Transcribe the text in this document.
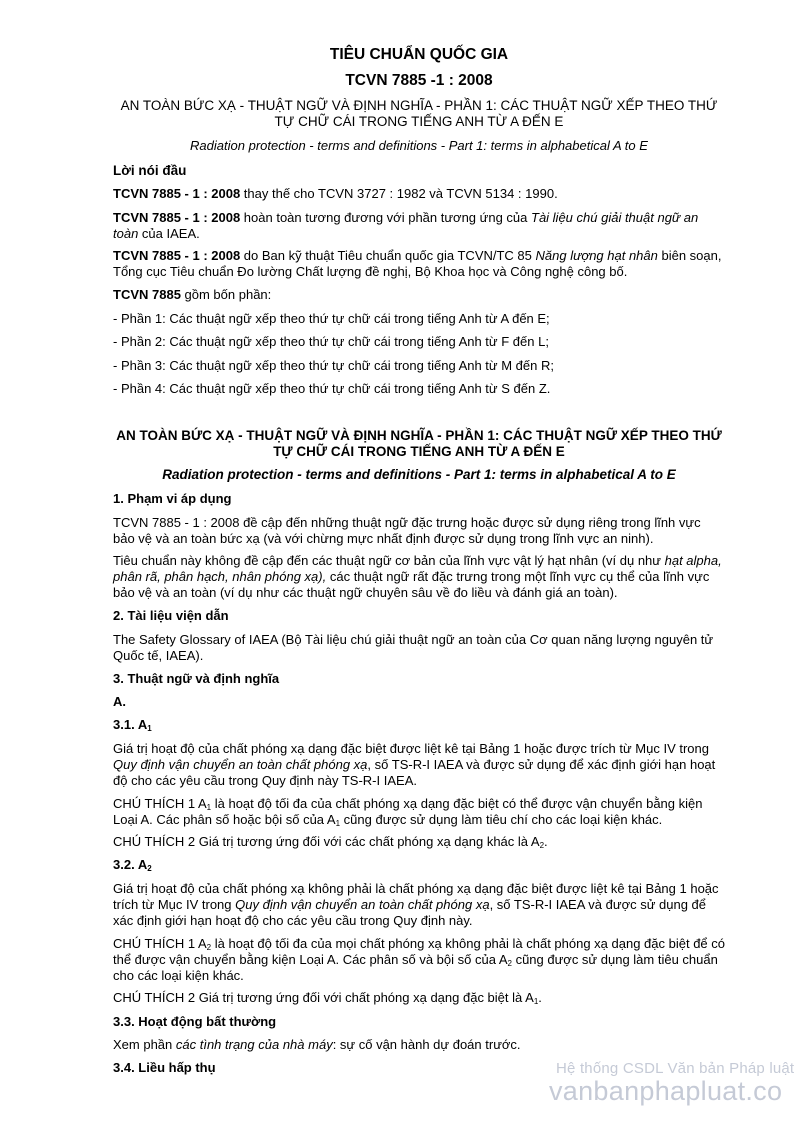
TIÊU CHUẨN QUỐC GIA
TCVN 7885 -1 : 2008
AN TOÀN BỨC XẠ - THUẬT NGỮ VÀ ĐỊNH NGHĨA - PHẦN 1: CÁC THUẬT NGỮ XẾP THEO THỨ TỰ CHỮ CÁI TRONG TIẾNG ANH TỪ A ĐẾN E
Radiation protection - terms and definitions - Part 1: terms in alphabetical A to E
Lời nói đầu

TCVN 7885 - 1 : 2008 thay thế cho TCVN 3727 : 1982 và TCVN 5134 : 1990.

TCVN 7885 - 1 : 2008 hoàn toàn tương đương với phần tương ứng của Tài liệu chú giải thuật ngữ an toàn của IAEA.

TCVN 7885 - 1 : 2008 do Ban kỹ thuật Tiêu chuẩn quốc gia TCVN/TC 85 Năng lượng hạt nhân biên soạn, Tổng cục Tiêu chuẩn Đo lường Chất lượng đề nghị, Bộ Khoa học và Công nghệ công bố.

TCVN 7885 gồm bốn phần:

- Phần 1: Các thuật ngữ xếp theo thứ tự chữ cái trong tiếng Anh từ A đến E;

- Phần 2: Các thuật ngữ xếp theo thứ tự chữ cái trong tiếng Anh từ F đến L;

- Phần 3: Các thuật ngữ xếp theo thứ tự chữ cái trong tiếng Anh từ M đến R;

- Phần 4: Các thuật ngữ xếp theo thứ tự chữ cái trong tiếng Anh từ S đến Z.

AN TOÀN BỨC XẠ - THUẬT NGỮ VÀ ĐỊNH NGHĨA - PHẦN 1: CÁC THUẬT NGỮ XẾP THEO THỨ TỰ CHỮ CÁI TRONG TIẾNG ANH TỪ A ĐẾN E
Radiation protection - terms and definitions - Part 1: terms in alphabetical A to E
1. Phạm vi áp dụng

TCVN 7885 - 1 : 2008 đề cập đến những thuật ngữ đặc trưng hoặc được sử dụng riêng trong lĩnh vực bảo vệ và an toàn bức xạ (và với chừng mực nhất định được sử dụng trong lĩnh vực an ninh).

Tiêu chuẩn này không đề cập đến các thuật ngữ cơ bản của lĩnh vực vật lý hạt nhân (ví dụ như hạt alpha, phân rã, phân hạch, nhân phóng xạ), các thuật ngữ rất đặc trưng trong một lĩnh vực cụ thể của lĩnh vực bảo vệ và an toàn (ví dụ như các thuật ngữ chuyên sâu về đo liều và đánh giá an toàn).

2. Tài liệu viện dẫn

The Safety Glossary of IAEA (Bộ Tài liệu chú giải thuật ngữ an toàn của Cơ quan năng lượng nguyên tử Quốc tế, IAEA).

3. Thuật ngữ và định nghĩa
A.
3.1. $A_1$

Giá trị hoạt độ của chất phóng xạ dạng đặc biệt được liệt kê tại Bảng 1 hoặc được trích từ Mục IV trong Quy định vận chuyển an toàn chất phóng xạ, số TS-R-I IAEA và được sử dụng để xác định giới hạn hoạt độ cho các yêu cầu trong Quy định này TS-R-I IAEA.

CHÚ THÍCH 1 $A_1$ là hoạt độ tối đa của chất phóng xạ dạng đặc biệt có thể được vận chuyển bằng kiện Loại A. Các phân số hoặc bội số của $A_1$ cũng được sử dụng làm tiêu chí cho các loại kiện khác.

CHÚ THÍCH 2 Giá trị tương ứng đối với các chất phóng xạ dạng khác là $A_2$.

3.2. $A_2$

Giá trị hoạt độ của chất phóng xạ không phải là chất phóng xạ dạng đặc biệt được liệt kê tại Bảng 1 hoặc trích từ Mục IV trong Quy định vận chuyển an toàn chất phóng xạ, số TS-R-I IAEA và được sử dụng để xác định giới hạn hoạt độ cho các yêu cầu trong Quy định này.

CHÚ THÍCH 1 $A_2$ là hoạt độ tối đa của mọi chất phóng xạ không phải là chất phóng xạ dạng đặc biệt để có thể được vận chuyển bằng kiện Loại A. Các phân số và bội số của $A_2$ cũng được sử dụng làm tiêu chuẩn cho các loại kiện khác.

CHÚ THÍCH 2 Giá trị tương ứng đối với chất phóng xạ dạng đặc biệt là $A_1$.

3.3. Hoạt động bất thường

Xem phần các tình trạng của nhà máy: sự cố vận hành dự đoán trước.

3.4. Liều hấp thụ	Hệ thống CSDL Văn bản Pháp luật
vanbanphapluat.co
